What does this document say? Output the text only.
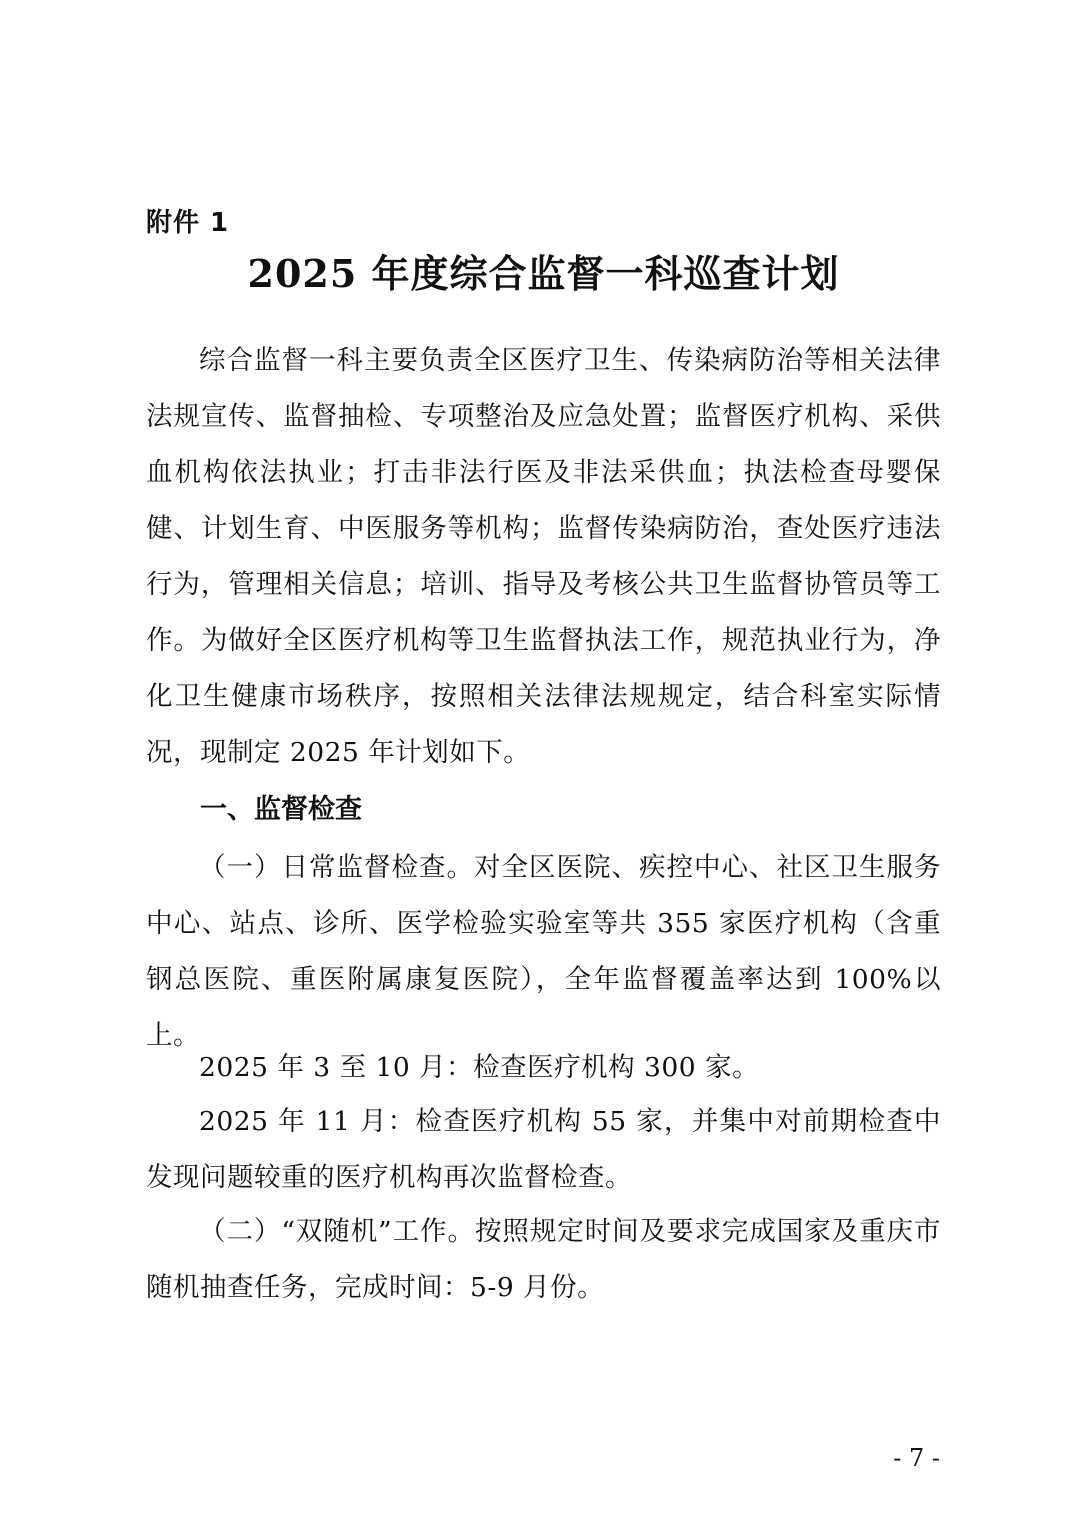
附件 1
2025 年度综合监督一科巡查计划

综合监督一科主要负责全区医疗卫生、传染病防治等相关法律法规宣传、监督抽检、专项整治及应急处置；监督医疗机构、采供血机构依法执业；打击非法行医及非法采供血；执法检查母婴保健、计划生育、中医服务等机构；监督传染病防治，查处医疗违法行为，管理相关信息；培训、指导及考核公共卫生监督协管员等工作。为做好全区医疗机构等卫生监督执法工作，规范执业行为，净化卫生健康市场秩序，按照相关法律法规规定，结合科室实际情况，现制定 2025 年计划如下。

一、监督检查

（一）日常监督检查。对全区医院、疾控中心、社区卫生服务中心、站点、诊所、医学检验实验室等共 355 家医疗机构（含重钢总医院、重医附属康复医院），全年监督覆盖率达到 100%以上。

2025 年 3 至 10 月：检查医疗机构 300 家。

2025 年 11 月：检查医疗机构 55 家，并集中对前期检查中发现问题较重的医疗机构再次监督检查。

（二）“双随机”工作。按照规定时间及要求完成国家及重庆市随机抽查任务，完成时间：5-9 月份。

- 7 -
